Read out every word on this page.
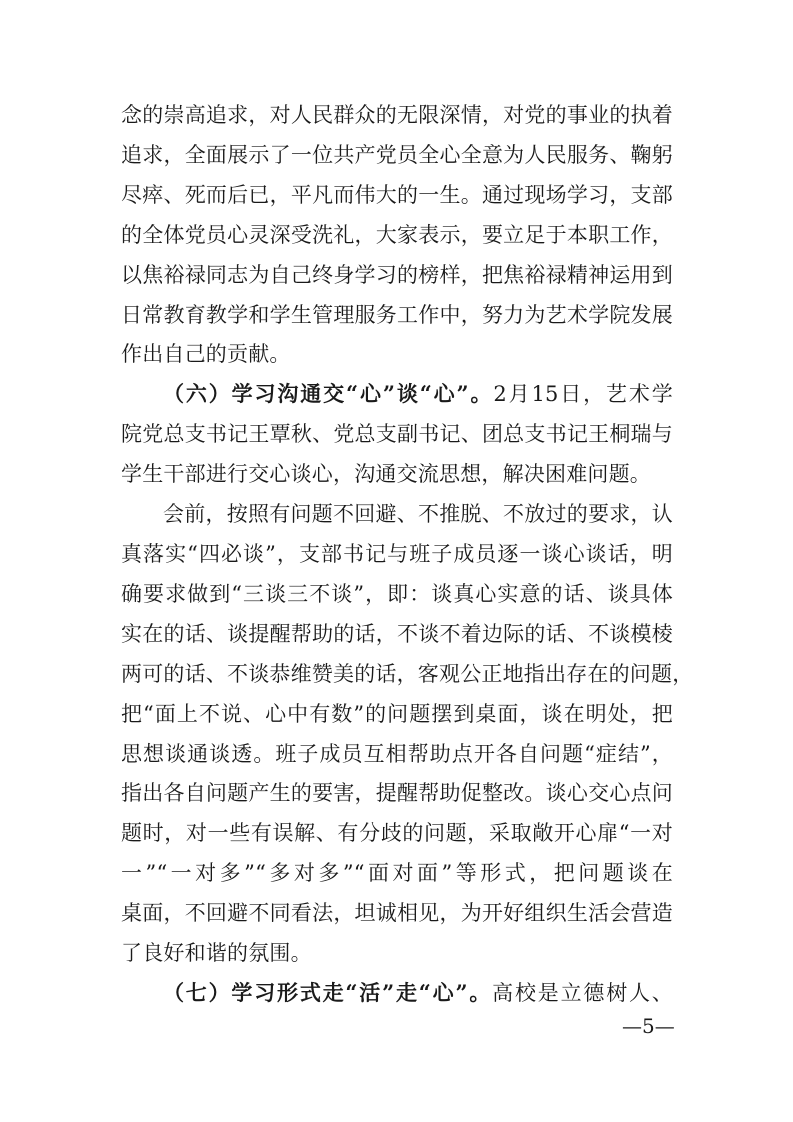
念的崇高追求，对人民群众的无限深情，对党的事业的执着
追求，全面展示了一位共产党员全心全意为人民服务、鞠躬
尽瘁、死而后已，平凡而伟大的一生。通过现场学习，支部
的全体党员心灵深受洗礼，大家表示，要立足于本职工作，
以焦裕禄同志为自己终身学习的榜样，把焦裕禄精神运用到
日常教育教学和学生管理服务工作中，努力为艺术学院发展
作出自己的贡献。
（六）学习沟通交“心”谈“心”。2月15日，艺术学
院党总支书记王覃秋、党总支副书记、团总支书记王桐瑞与
学生干部进行交心谈心，沟通交流思想，解决困难问题。
会前，按照有问题不回避、不推脱、不放过的要求，认
真落实“四必谈”，支部书记与班子成员逐一谈心谈话，明
确要求做到“三谈三不谈”，即：谈真心实意的话、谈具体
实在的话、谈提醒帮助的话，不谈不着边际的话、不谈模棱
两可的话、不谈恭维赞美的话，客观公正地指出存在的问题，
把“面上不说、心中有数”的问题摆到桌面，谈在明处，把
思想谈通谈透。班子成员互相帮助点开各自问题“症结”，
指出各自问题产生的要害，提醒帮助促整改。谈心交心点问
题时，对一些有误解、有分歧的问题，采取敞开心扉“一对
一”“一对多”“多对多”“面对面”等形式，把问题谈在
桌面，不回避不同看法，坦诚相见，为开好组织生活会营造
了良好和谐的氛围。
（七）学习形式走“活”走“心”。高校是立德树人、
—5—
